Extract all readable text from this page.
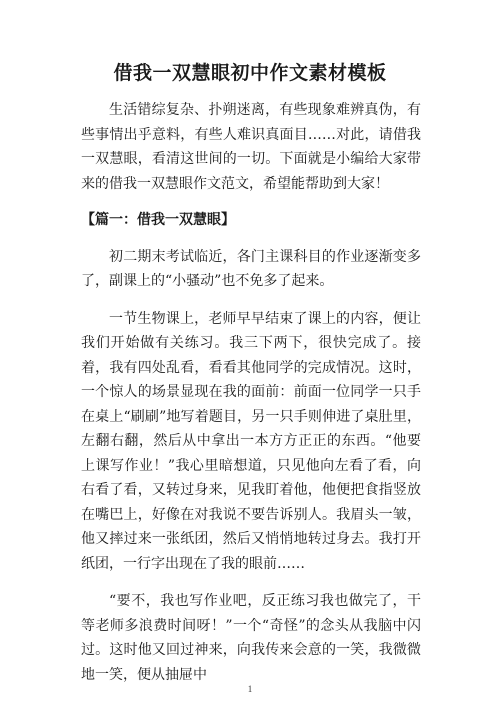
借我一双慧眼初中作文素材模板

生活错综复杂、扑朔迷离，有些现象难辨真伪，有些事情出乎意料，有些人难识真面目……对此，请借我一双慧眼，看清这世间的一切。下面就是小编给大家带来的借我一双慧眼作文范文，希望能帮助到大家！

【篇一：借我一双慧眼】

初二期末考试临近，各门主课科目的作业逐渐变多了，副课上的“小骚动”也不免多了起来。

一节生物课上，老师早早结束了课上的内容，便让我们开始做有关练习。我三下两下，很快完成了。接着，我有四处乱看，看看其他同学的完成情况。这时，一个惊人的场景显现在我的面前：前面一位同学一只手在桌上“刷刷”地写着题目，另一只手则伸进了桌肚里，左翻右翻，然后从中拿出一本方方正正的东西。“他要上课写作业！”我心里暗想道，只见他向左看了看，向右看了看，又转过身来，见我盯着他，他便把食指竖放在嘴巴上，好像在对我说不要告诉别人。我眉头一皱，他又摔过来一张纸团，然后又悄悄地转过身去。我打开纸团，一行字出现在了我的眼前……

“要不，我也写作业吧，反正练习我也做完了，干等老师多浪费时间呀！”一个“奇怪”的念头从我脑中闪过。这时他又回过神来，向我传来会意的一笑，我微微地一笑，便从抽屉中

1
